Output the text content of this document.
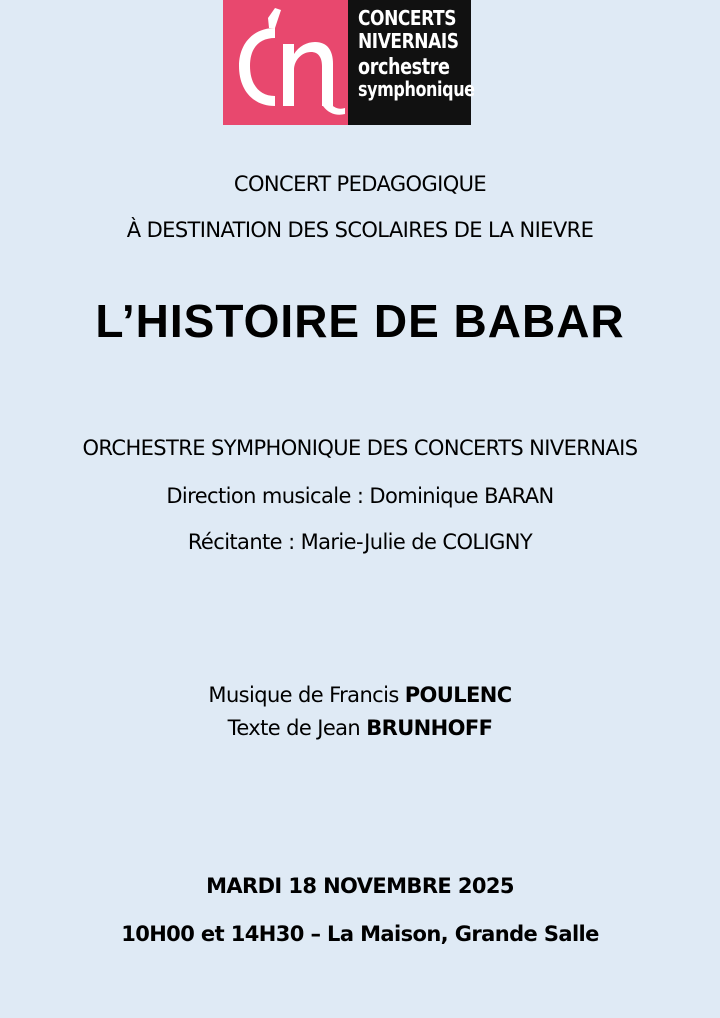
CONCERTS
NIVERNAIS
orchestre
symphonique
CONCERT PEDAGOGIQUE
À DESTINATION DES SCOLAIRES DE LA NIEVRE
L’HISTOIRE DE BABAR
ORCHESTRE SYMPHONIQUE DES CONCERTS NIVERNAIS
Direction musicale : Dominique BARAN
Récitante : Marie-Julie de COLIGNY
Musique de Francis POULENC
Texte de Jean BRUNHOFF
MARDI 18 NOVEMBRE 2025
10H00 et 14H30 – La Maison, Grande Salle
